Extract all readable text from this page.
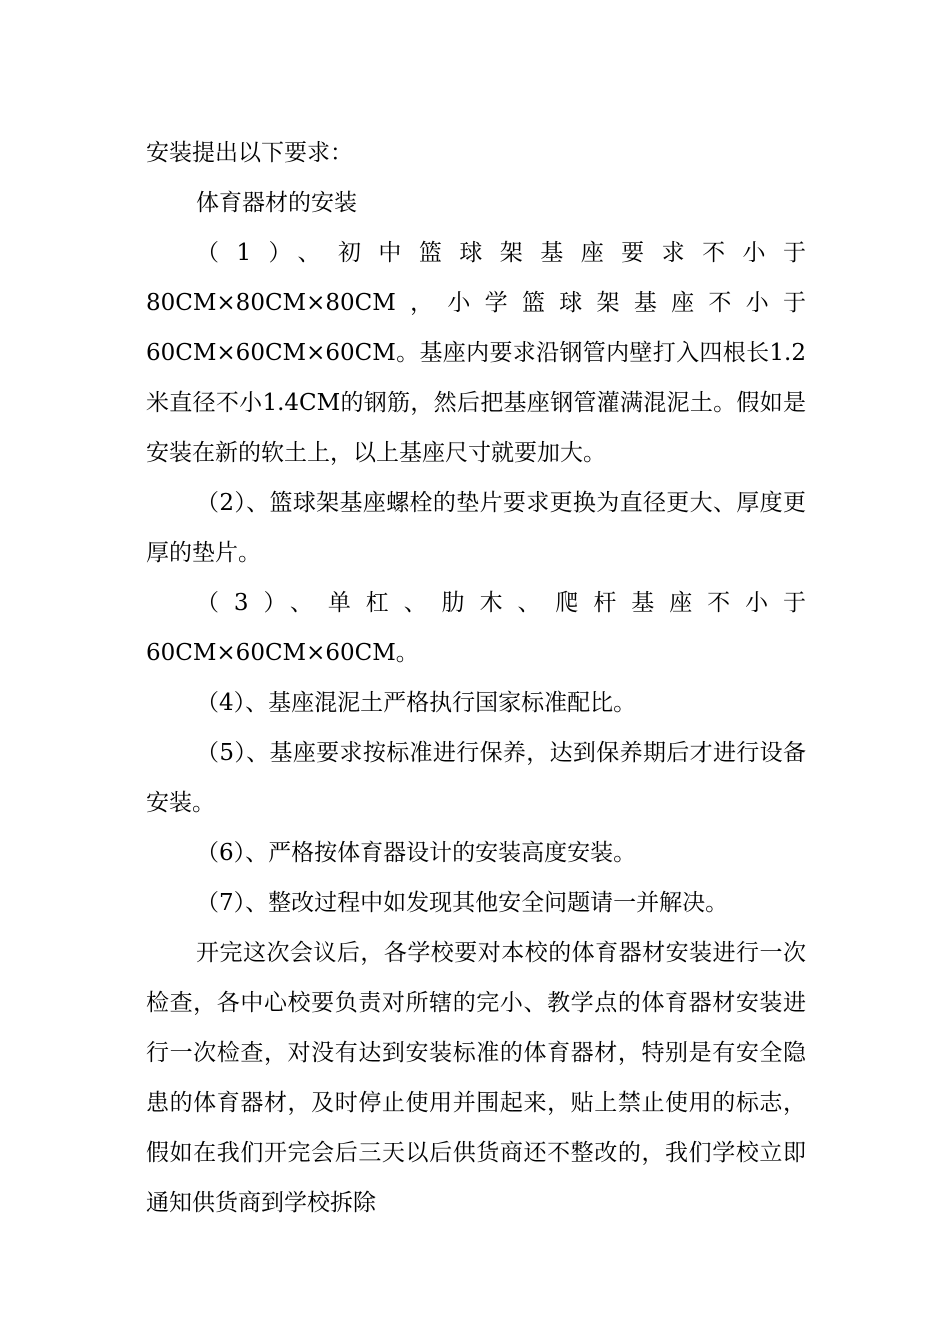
安装提出以下要求：

体育器材的安装

（1）、初中篮球架基座要求不小于80CM×80CM×80CM，小学篮球架基座不小于60CM×60CM×60CM。基座内要求沿钢管内壁打入四根长1.2米直径不小1.4CM的钢筋，然后把基座钢管灌满混泥土。假如是安装在新的软土上，以上基座尺寸就要加大。

（2）、篮球架基座螺栓的垫片要求更换为直径更大、厚度更厚的垫片。

（3）、单杠、肋木、爬杆基座不小于60CM×60CM×60CM。

（4）、基座混泥土严格执行国家标准配比。

（5）、基座要求按标准进行保养，达到保养期后才进行设备安装。

（6）、严格按体育器设计的安装高度安装。

（7）、整改过程中如发现其他安全问题请一并解决。

开完这次会议后，各学校要对本校的体育器材安装进行一次检查，各中心校要负责对所辖的完小、教学点的体育器材安装进行一次检查，对没有达到安装标准的体育器材，特别是有安全隐患的体育器材，及时停止使用并围起来，贴上禁止使用的标志，假如在我们开完会后三天以后供货商还不整改的，我们学校立即通知供货商到学校拆除
